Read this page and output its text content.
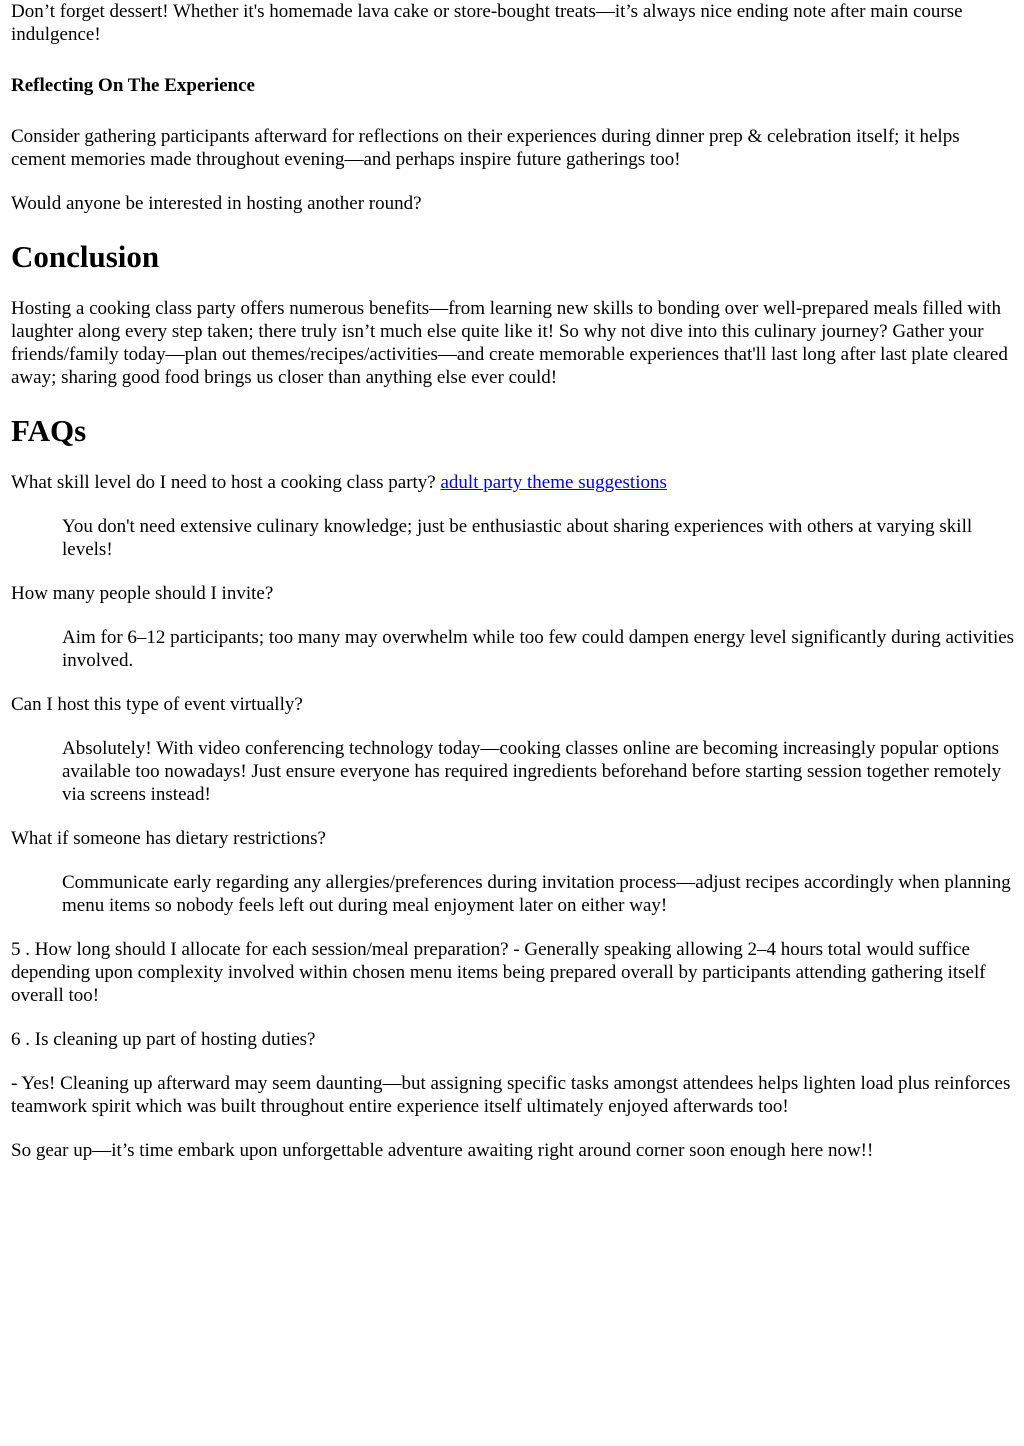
Don’t forget dessert! Whether it's homemade lava cake or store-bought treats—it’s always nice ending note after main course indulgence!

Reflecting On The Experience

Consider gathering participants afterward for reflections on their experiences during dinner prep & celebration itself; it helps cement memories made throughout evening—and perhaps inspire future gatherings too!

Would anyone be interested in hosting another round?

Conclusion

Hosting a cooking class party offers numerous benefits—from learning new skills to bonding over well-prepared meals filled with laughter along every step taken; there truly isn’t much else quite like it! So why not dive into this culinary journey? Gather your friends/family today—plan out themes/recipes/activities—and create memorable experiences that'll last long after last plate cleared away; sharing good food brings us closer than anything else ever could!

FAQs

What skill level do I need to host a cooking class party? adult party theme suggestions

You don't need extensive culinary knowledge; just be enthusiastic about sharing experiences with others at varying skill levels!

How many people should I invite?

Aim for 6–12 participants; too many may overwhelm while too few could dampen energy level significantly during activities involved.

Can I host this type of event virtually?

Absolutely! With video conferencing technology today—cooking classes online are becoming increasingly popular options available too nowadays! Just ensure everyone has required ingredients beforehand before starting session together remotely via screens instead!

What if someone has dietary restrictions?

Communicate early regarding any allergies/preferences during invitation process—adjust recipes accordingly when planning menu items so nobody feels left out during meal enjoyment later on either way!

5 . How long should I allocate for each session/meal preparation? - Generally speaking allowing 2–4 hours total would suffice depending upon complexity involved within chosen menu items being prepared overall by participants attending gathering itself overall too!

6 . Is cleaning up part of hosting duties?

- Yes! Cleaning up afterward may seem daunting—but assigning specific tasks amongst attendees helps lighten load plus reinforces teamwork spirit which was built throughout entire experience itself ultimately enjoyed afterwards too!

So gear up—it’s time embark upon unforgettable adventure awaiting right around corner soon enough here now!!
